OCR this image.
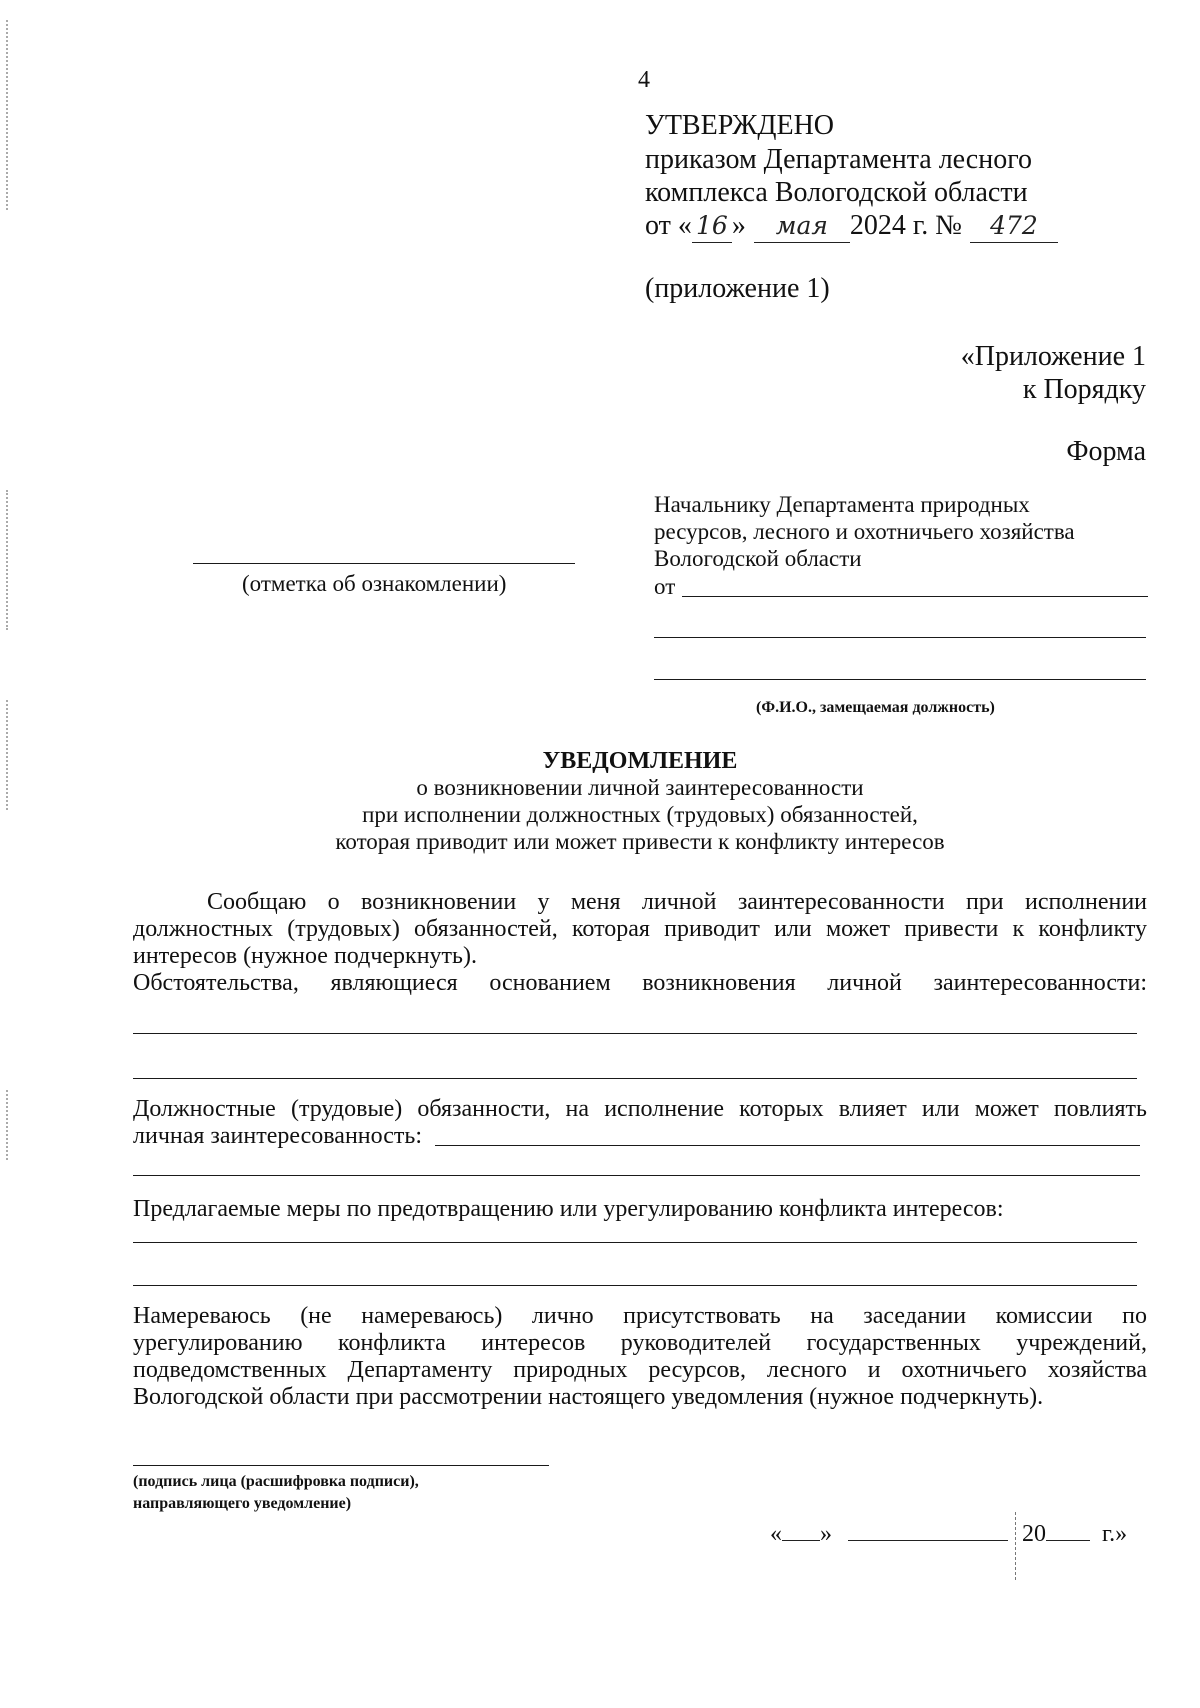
4
УТВЕРЖДЕНО
приказом Департамента лесного
комплекса Вологодской области
от « 16 » мая 2024 г. № 472
(приложение 1)
«Приложение 1
к Порядку
Форма
Начальнику Департамента природных
ресурсов, лесного и охотничьего хозяйства
Вологодской области
от
(Ф.И.О., замещаемая должность)
(отметка об ознакомлении)
УВЕДОМЛЕНИЕ
о возникновении личной заинтересованности
при исполнении должностных (трудовых) обязанностей,
которая приводит или может привести к конфликту интересов
Сообщаю о возникновении у меня личной заинтересованности при исполнении
должностных (трудовых) обязанностей, которая приводит или может привести к конфликту
интересов (нужное подчеркнуть).
Обстоятельства, являющиеся основанием возникновения личной заинтересованности:
Должностные (трудовые) обязанности, на исполнение которых влияет или может повлиять
личная заинтересованность:
Предлагаемые меры по предотвращению или урегулированию конфликта интересов:
Намереваюсь (не намереваюсь) лично присутствовать на заседании комиссии по
урегулированию конфликта интересов руководителей государственных учреждений,
подведомственных Департаменту природных ресурсов, лесного и охотничьего хозяйства
Вологодской области при рассмотрении настоящего уведомления (нужное подчеркнуть).
(подпись лица (расшифровка подписи),
направляющего уведомление)
« »	20 г.»
